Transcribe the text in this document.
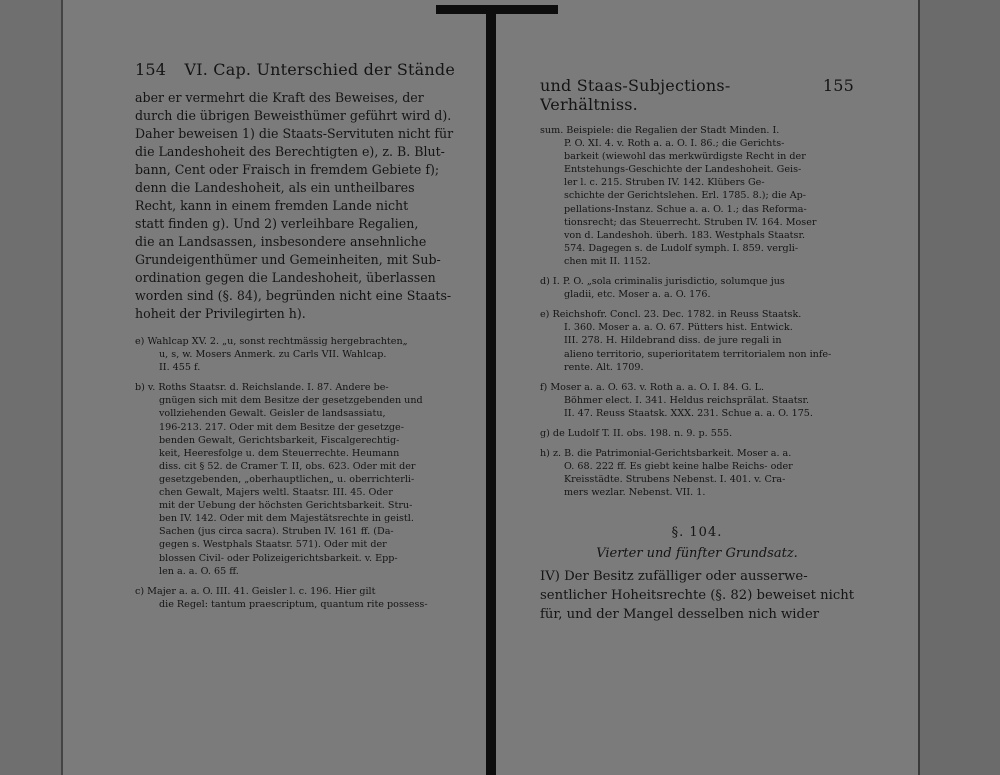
154 VI. Cap. Unterschied der Stände
aber er vermehrt die Kraft des Beweises, der
durch die übrigen Beweisthümer geführt wird d).
Daher beweisen 1) die Staats-Servituten nicht für
die Landeshoheit des Berechtigten e), z. B. Blut-
bann, Cent oder Fraisch in fremdem Gebiete f);
denn die Landeshoheit, als ein untheilbares
Recht, kann in einem fremden Lande nicht
statt finden g). Und 2) verleihbare Regalien,
die an Landsassen, insbesondere ansehnliche
Grundeigenthümer und Gemeinheiten, mit Sub-
ordination gegen die Landeshoheit, überlassen
worden sind (§. 84), begründen nicht eine Staats-
hoheit der Privilegirten h).
e) Wahlcap XV. 2. „u, sonst rechtmässig hergebrachten„
u, s, w. Mosers Anmerk. zu Carls VII. Wahlcap.
II. 455 f.
b) v. Roths Staatsr. d. Reichslande. I. 87. Andere be-
gnügen sich mit dem Besitze der gesetzgebenden und
vollziehenden Gewalt. Geisler de landsassiatu,
196-213. 217. Oder mit dem Besitze der gesetzge-
benden Gewalt, Gerichtsbarkeit, Fiscalgerechtig-
keit, Heeresfolge u. dem Steuerrechte. Heumann
diss. cit § 52. de Cramer T. II, obs. 623. Oder mit der
gesetzgebenden, „oberhauptlichen„ u. oberrichterli-
chen Gewalt, Majers weltl. Staatsr. III. 45. Oder
mit der Uebung der höchsten Gerichtsbarkeit. Stru-
ben IV. 142. Oder mit dem Majestätsrechte in geistl.
Sachen (jus circa sacra). Struben IV. 161 ff. (Da-
gegen s. Westphals Staatsr. 571). Oder mit der
blossen Civil- oder Polizeigerichtsbarkeit. v. Epp-
len a. a. O. 65 ff.
c) Majer a. a. O. III. 41. Geisler l. c. 196. Hier gilt
die Regel: tantum praescriptum, quantum rite possess-
und Staas-Subjections-Verhältniss.
155
sum. Beispiele: die Regalien der Stadt Minden. I.
P. O. XI. 4. v. Roth a. a. O. I. 86.; die Gerichts-
barkeit (wiewohl das merkwürdigste Recht in der
Entstehungs-Geschichte der Landeshoheit. Geis-
ler l. c. 215. Struben IV. 142. Klübers Ge-
schichte der Gerichtslehen. Erl. 1785. 8.); die Ap-
pellations-Instanz. Schue a. a. O. 1.; das Reforma-
tionsrecht; das Steuerrecht. Struben IV. 164. Moser
von d. Landeshoh. überh. 183. Westphals Staatsr.
574. Dagegen s. de Ludolf symph. I. 859. vergli-
chen mit II. 1152.
d) I. P. O. „sola criminalis jurisdictio, solumque jus
gladii, etc. Moser a. a. O. 176.
e) Reichshofr. Concl. 23. Dec. 1782. in Reuss Staatsk.
I. 360. Moser a. a. O. 67. Pütters hist. Entwick.
III. 278. H. Hildebrand diss. de jure regali in
alieno territorio, superioritatem territorialem non infe-
rente. Alt. 1709.
f) Moser a. a. O. 63. v. Roth a. a. O. I. 84. G. L.
Böhmer elect. I. 341. Heldus reichsprälat. Staatsr.
II. 47. Reuss Staatsk. XXX. 231. Schue a. a. O. 175.
g) de Ludolf T. II. obs. 198. n. 9. p. 555.
h) z. B. die Patrimonial-Gerichtsbarkeit. Moser a. a.
O. 68. 222 ff. Es giebt keine halbe Reichs- oder
Kreisstädte. Strubens Nebenst. I. 401. v. Cra-
mers wezlar. Nebenst. VII. 1.
§. 104.
Vierter und fünfter Grundsatz.
IV) Der Besitz zufälliger oder ausserwe-
sentlicher Hoheitsrechte (§. 82) beweiset nicht
für, und der Mangel desselben nich wider
